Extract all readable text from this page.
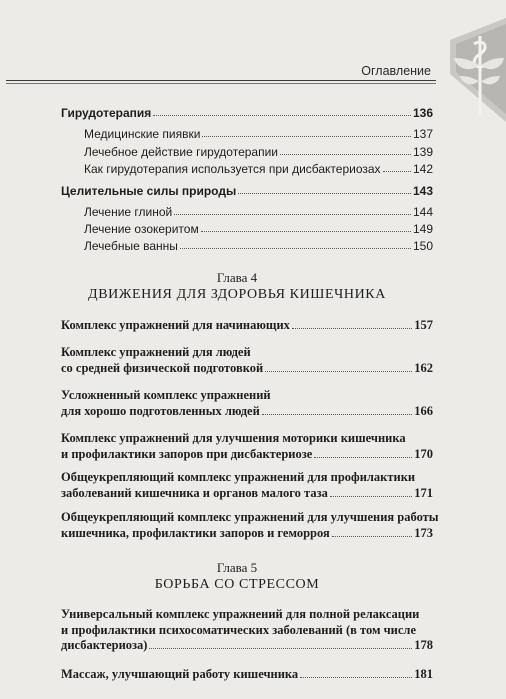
Оглавление
Гирудотерапия	136
Медицинские пиявки	137
Лечебное действие гирудотерапии	139
Как гирудотерапия используется при дисбактериозах	142
Целительные силы природы	143
Лечение глиной	144
Лечение озокеритом	149
Лечебные ванны	150
Глава 4
ДВИЖЕНИЯ ДЛЯ ЗДОРОВЬЯ КИШЕЧНИКА
Комплекс упражнений для начинающих	157
Комплекс упражнений для людей
со средней физической подготовкой	162
Усложненный комплекс упражнений
для хорошо подготовленных людей	166
Комплекс упражнений для улучшения моторики кишечника
и профилактики запоров при дисбактериозе	170
Общеукрепляющий комплекс упражнений для профилактики
заболеваний кишечника и органов малого таза	171
Общеукрепляющий комплекс упражнений для улучшения работы
кишечника, профилактики запоров и геморроя	173
Глава 5
БОРЬБА СО СТРЕССОМ
Универсальный комплекс упражнений для полной релаксации
и профилактики психосоматических заболеваний (в том числе
дисбактериоза)	178
Массаж, улучшающий работу кишечника	181
